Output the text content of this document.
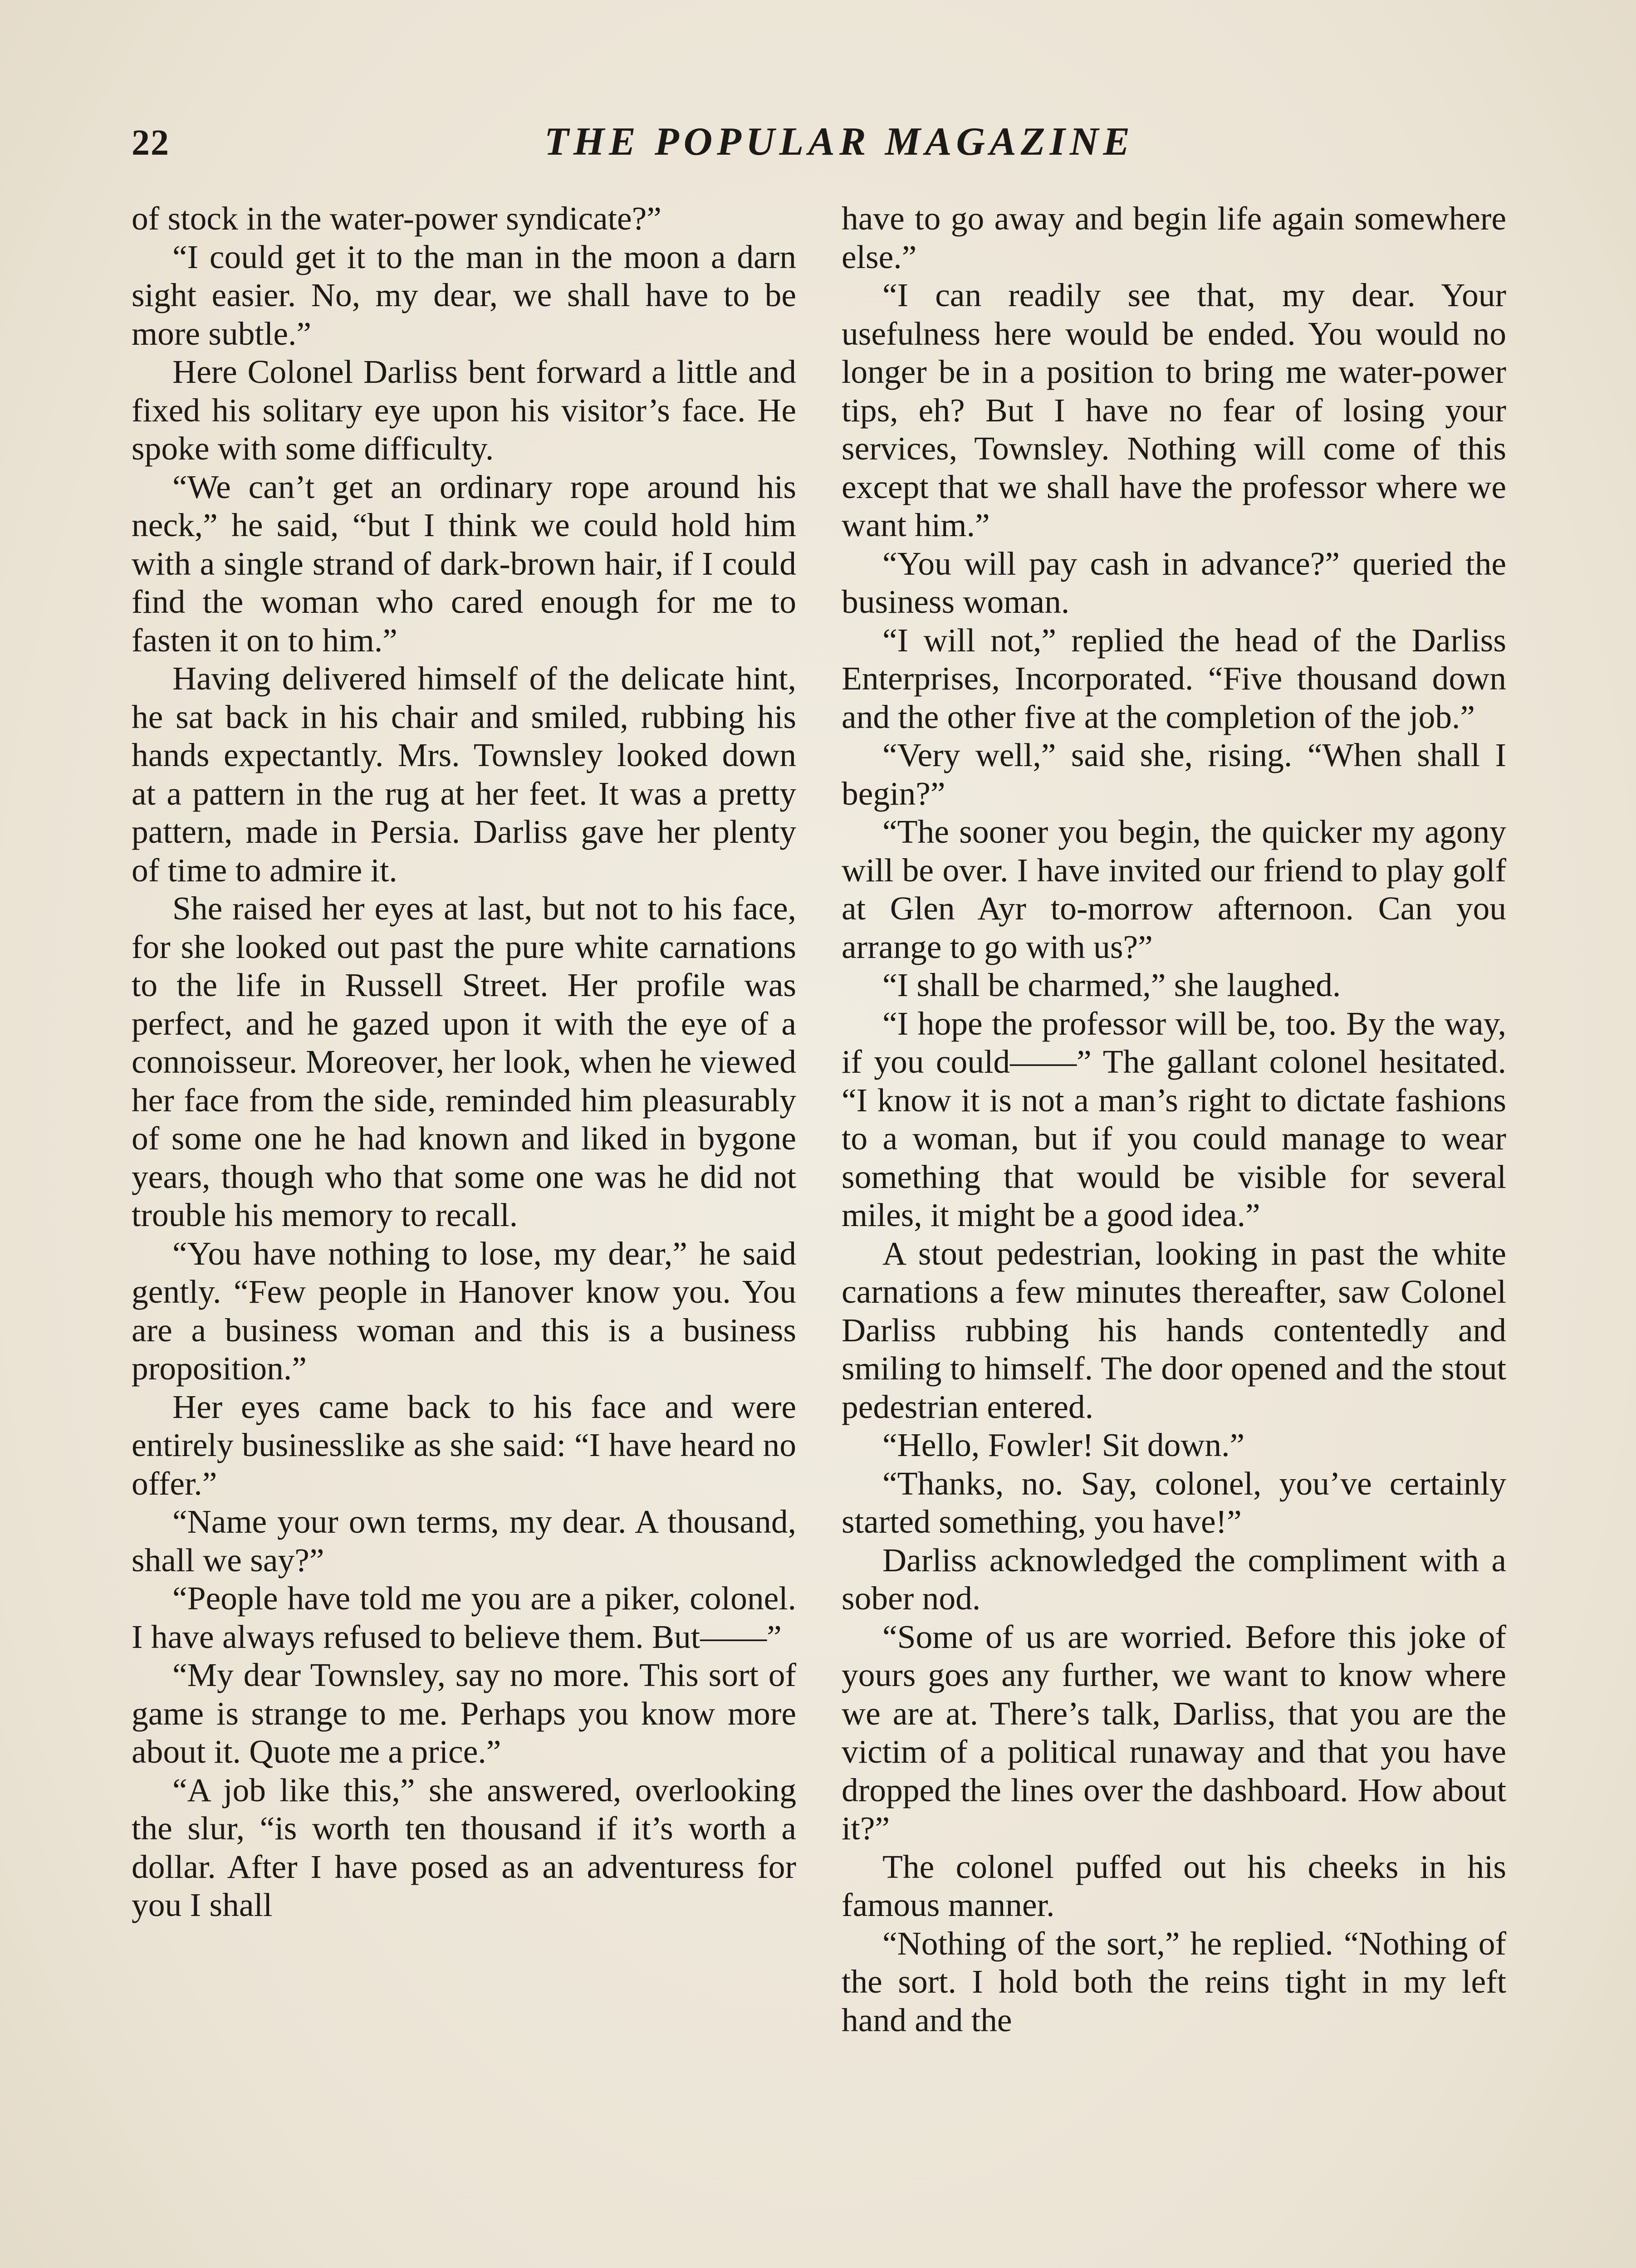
22	THE POPULAR MAGAZINE

of stock in the water-power syndicate?”

“I could get it to the man in the moon a darn sight easier. No, my dear, we shall have to be more subtle.”

Here Colonel Darliss bent forward a little and fixed his solitary eye upon his visitor’s face. He spoke with some difficulty.

“We can’t get an ordinary rope around his neck,” he said, “but I think we could hold him with a single strand of dark-brown hair, if I could find the woman who cared enough for me to fasten it on to him.”

Having delivered himself of the delicate hint, he sat back in his chair and smiled, rubbing his hands expectantly. Mrs. Townsley looked down at a pattern in the rug at her feet. It was a pretty pattern, made in Persia. Darliss gave her plenty of time to admire it.

She raised her eyes at last, but not to his face, for she looked out past the pure white carnations to the life in Russell Street. Her profile was perfect, and he gazed upon it with the eye of a connoisseur. Moreover, her look, when he viewed her face from the side, reminded him pleasurably of some one he had known and liked in bygone years, though who that some one was he did not trouble his memory to recall.

“You have nothing to lose, my dear,” he said gently. “Few people in Hanover know you. You are a business woman and this is a business proposition.”

Her eyes came back to his face and were entirely businesslike as she said: “I have heard no offer.”

“Name your own terms, my dear. A thousand, shall we say?”

“People have told me you are a piker, colonel. I have always refused to believe them. But——”

“My dear Townsley, say no more. This sort of game is strange to me. Perhaps you know more about it. Quote me a price.”

“A job like this,” she answered, overlooking the slur, “is worth ten thousand if it’s worth a dollar. After I have posed as an adventuress for you I shall

have to go away and begin life again somewhere else.”

“I can readily see that, my dear. Your usefulness here would be ended. You would no longer be in a position to bring me water-power tips, eh? But I have no fear of losing your services, Townsley. Nothing will come of this except that we shall have the professor where we want him.”

“You will pay cash in advance?” queried the business woman.

“I will not,” replied the head of the Darliss Enterprises, Incorporated. “Five thousand down and the other five at the completion of the job.”

“Very well,” said she, rising. “When shall I begin?”

“The sooner you begin, the quicker my agony will be over. I have invited our friend to play golf at Glen Ayr to-morrow afternoon. Can you arrange to go with us?”

“I shall be charmed,” she laughed.

“I hope the professor will be, too. By the way, if you could——” The gallant colonel hesitated. “I know it is not a man’s right to dictate fashions to a woman, but if you could manage to wear something that would be visible for several miles, it might be a good idea.”

A stout pedestrian, looking in past the white carnations a few minutes thereafter, saw Colonel Darliss rubbing his hands contentedly and smiling to himself. The door opened and the stout pedestrian entered.

“Hello, Fowler! Sit down.”

“Thanks, no. Say, colonel, you’ve certainly started something, you have!”

Darliss acknowledged the compliment with a sober nod.

“Some of us are worried. Before this joke of yours goes any further, we want to know where we are at. There’s talk, Darliss, that you are the victim of a political runaway and that you have dropped the lines over the dashboard. How about it?”

The colonel puffed out his cheeks in his famous manner.

“Nothing of the sort,” he replied. “Nothing of the sort. I hold both the reins tight in my left hand and the
